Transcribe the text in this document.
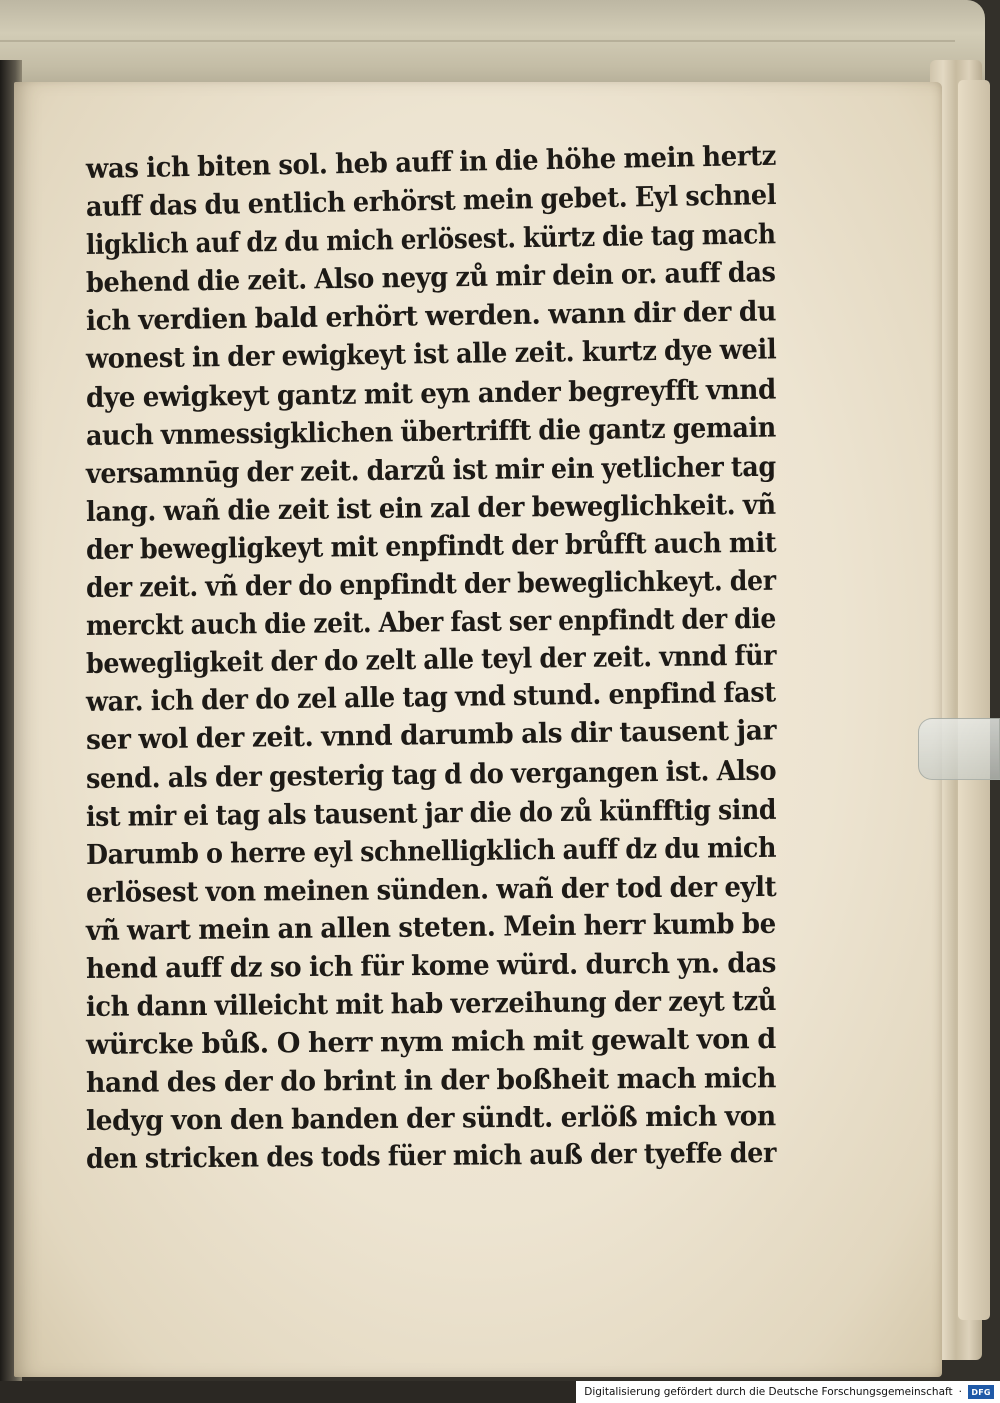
was ich biten sol. heb auff in die höhe mein hertz
auff das du entlich erhörst mein gebet. Eyl schnel
ligklich auf dz du mich erlösest. kürtz die tag mach
behend die zeit. Also neyg zů mir dein or. auff das
ich verdien bald erhört werden. wann dir der du
wonest in der ewigkeyt ist alle zeit. kurtz dye weil
dye ewigkeyt gantz mit eyn ander begreyfft vnnd
auch vnmessigklichen übertrifft die gantz gemain
versamnūg der zeit. darzů ist mir ein yetlicher tag
lang. wañ die zeit ist ein zal der beweglichkeit. vñ
der bewegligkeyt mit enpfindt der brůfft auch mit
der zeit. vñ der do enpfindt der beweglichkeyt. der
merckt auch die zeit. Aber fast ser enpfindt der die
bewegligkeit der do zelt alle teyl der zeit. vnnd für
war. ich der do zel alle tag vnd stund. enpfind fast
ser wol der zeit. vnnd darumb als dir tausent jar
send. als der gesterig tag d do vergangen ist. Also
ist mir ei tag als tausent jar die do zů künfftig sind
Darumb o herre eyl schnelligklich auff dz du mich
erlösest von meinen sünden. wañ der tod der eylt
vñ wart mein an allen steten. Mein herr kumb be
hend auff dz so ich für kome würd. durch yn. das
ich dann villeicht mit hab verzeihung der zeyt tzů
würcke bůß. O herr nym mich mit gewalt von d
hand des der do brint in der boßheit mach mich
ledyg von den banden der sündt. erlöß mich von
den stricken des tods füer mich auß der tyeffe der
Digitalisierung gefördert durch die Deutsche Forschungsgemeinschaft ·	DFG
